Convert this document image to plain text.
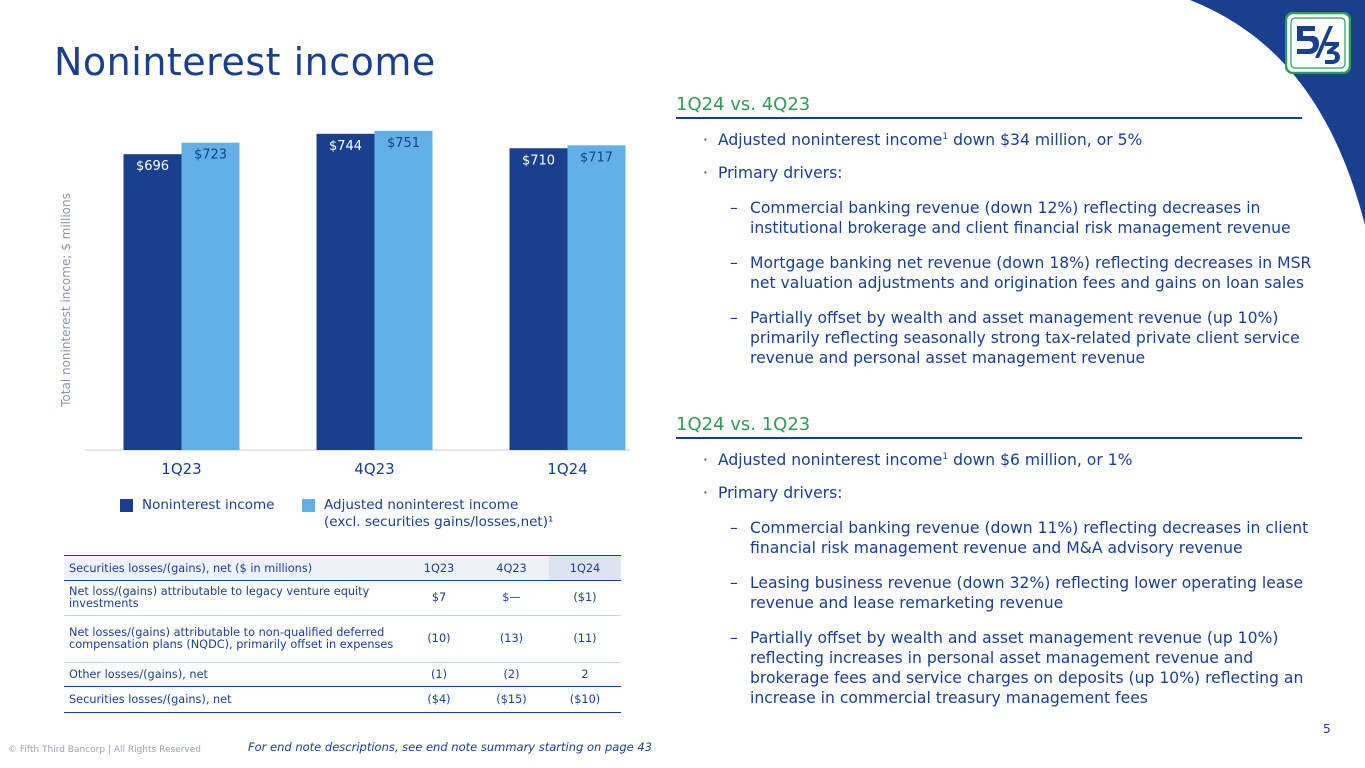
Noninterest income
Total noninterest income; $ millions
$696
$723
1Q23
$744 $751
4Q23
$710 $717
1Q24
Noninterest income	Adjusted noninterest income
(excl. securities gains/losses,net)¹
Securities losses/(gains), net ($ in millions)	1Q23	4Q23	1Q24
Net loss/(gains) attributable to legacy venture equity investments	$7	$—	($1)
Net losses/(gains) attributable to non-qualified deferred compensation plans (NQDC), primarily offset in expenses	(10)	(13)	(11)
Other losses/(gains), net	(1)	(2)	2
Securities losses/(gains), net	($4)	($15)	($10)
1Q24 vs. 4Q23
· Adjusted noninterest income$^1$ down $34 million, or 5%
· Primary drivers:
– Commercial banking revenue (down 12%) reflecting decreases in institutional brokerage and client financial risk management revenue
– Mortgage banking net revenue (down 18%) reflecting decreases in MSR net valuation adjustments and origination fees and gains on loan sales
– Partially offset by wealth and asset management revenue (up 10%) primarily reflecting seasonally strong tax-related private client service revenue and personal asset management revenue
1Q24 vs. 1Q23
· Adjusted noninterest income$^1$ down $6 million, or 1%
· Primary drivers:
– Commercial banking revenue (down 11%) reflecting decreases in client financial risk management revenue and M&A advisory revenue
– Leasing business revenue (down 32%) reflecting lower operating lease revenue and lease remarketing revenue
– Partially offset by wealth and asset management revenue (up 10%) reflecting increases in personal asset management revenue and brokerage fees and service charges on deposits (up 10%) reflecting an increase in commercial treasury management fees
© Fifth Third Bancorp | All Rights Reserved	For end note descriptions, see end note summary starting on page 43
5
